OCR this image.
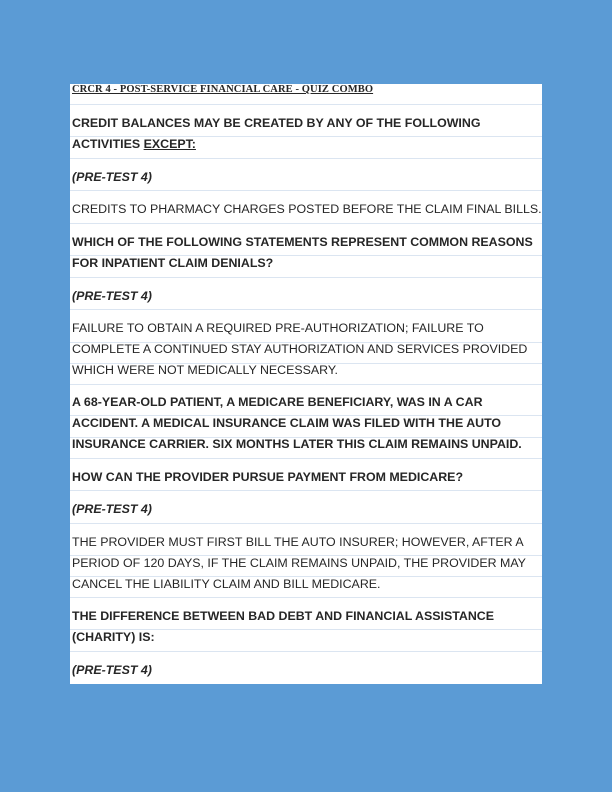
CRCR 4 - POST-SERVICE FINANCIAL CARE - QUIZ COMBO
CREDIT BALANCES MAY BE CREATED BY ANY OF THE FOLLOWING
ACTIVITIES EXCEPT:
(PRE-TEST 4)
CREDITS TO PHARMACY CHARGES POSTED BEFORE THE CLAIM FINAL BILLS.
WHICH OF THE FOLLOWING STATEMENTS REPRESENT COMMON REASONS
FOR INPATIENT CLAIM DENIALS?
(PRE-TEST 4)
FAILURE TO OBTAIN A REQUIRED PRE-AUTHORIZATION; FAILURE TO
COMPLETE A CONTINUED STAY AUTHORIZATION AND SERVICES PROVIDED
WHICH WERE NOT MEDICALLY NECESSARY.
A 68-YEAR-OLD PATIENT, A MEDICARE BENEFICIARY, WAS IN A CAR
ACCIDENT. A MEDICAL INSURANCE CLAIM WAS FILED WITH THE AUTO
INSURANCE CARRIER. SIX MONTHS LATER THIS CLAIM REMAINS UNPAID.
HOW CAN THE PROVIDER PURSUE PAYMENT FROM MEDICARE?
(PRE-TEST 4)
THE PROVIDER MUST FIRST BILL THE AUTO INSURER; HOWEVER, AFTER A
PERIOD OF 120 DAYS, IF THE CLAIM REMAINS UNPAID, THE PROVIDER MAY
CANCEL THE LIABILITY CLAIM AND BILL MEDICARE.
THE DIFFERENCE BETWEEN BAD DEBT AND FINANCIAL ASSISTANCE
(CHARITY) IS:
(PRE-TEST 4)
